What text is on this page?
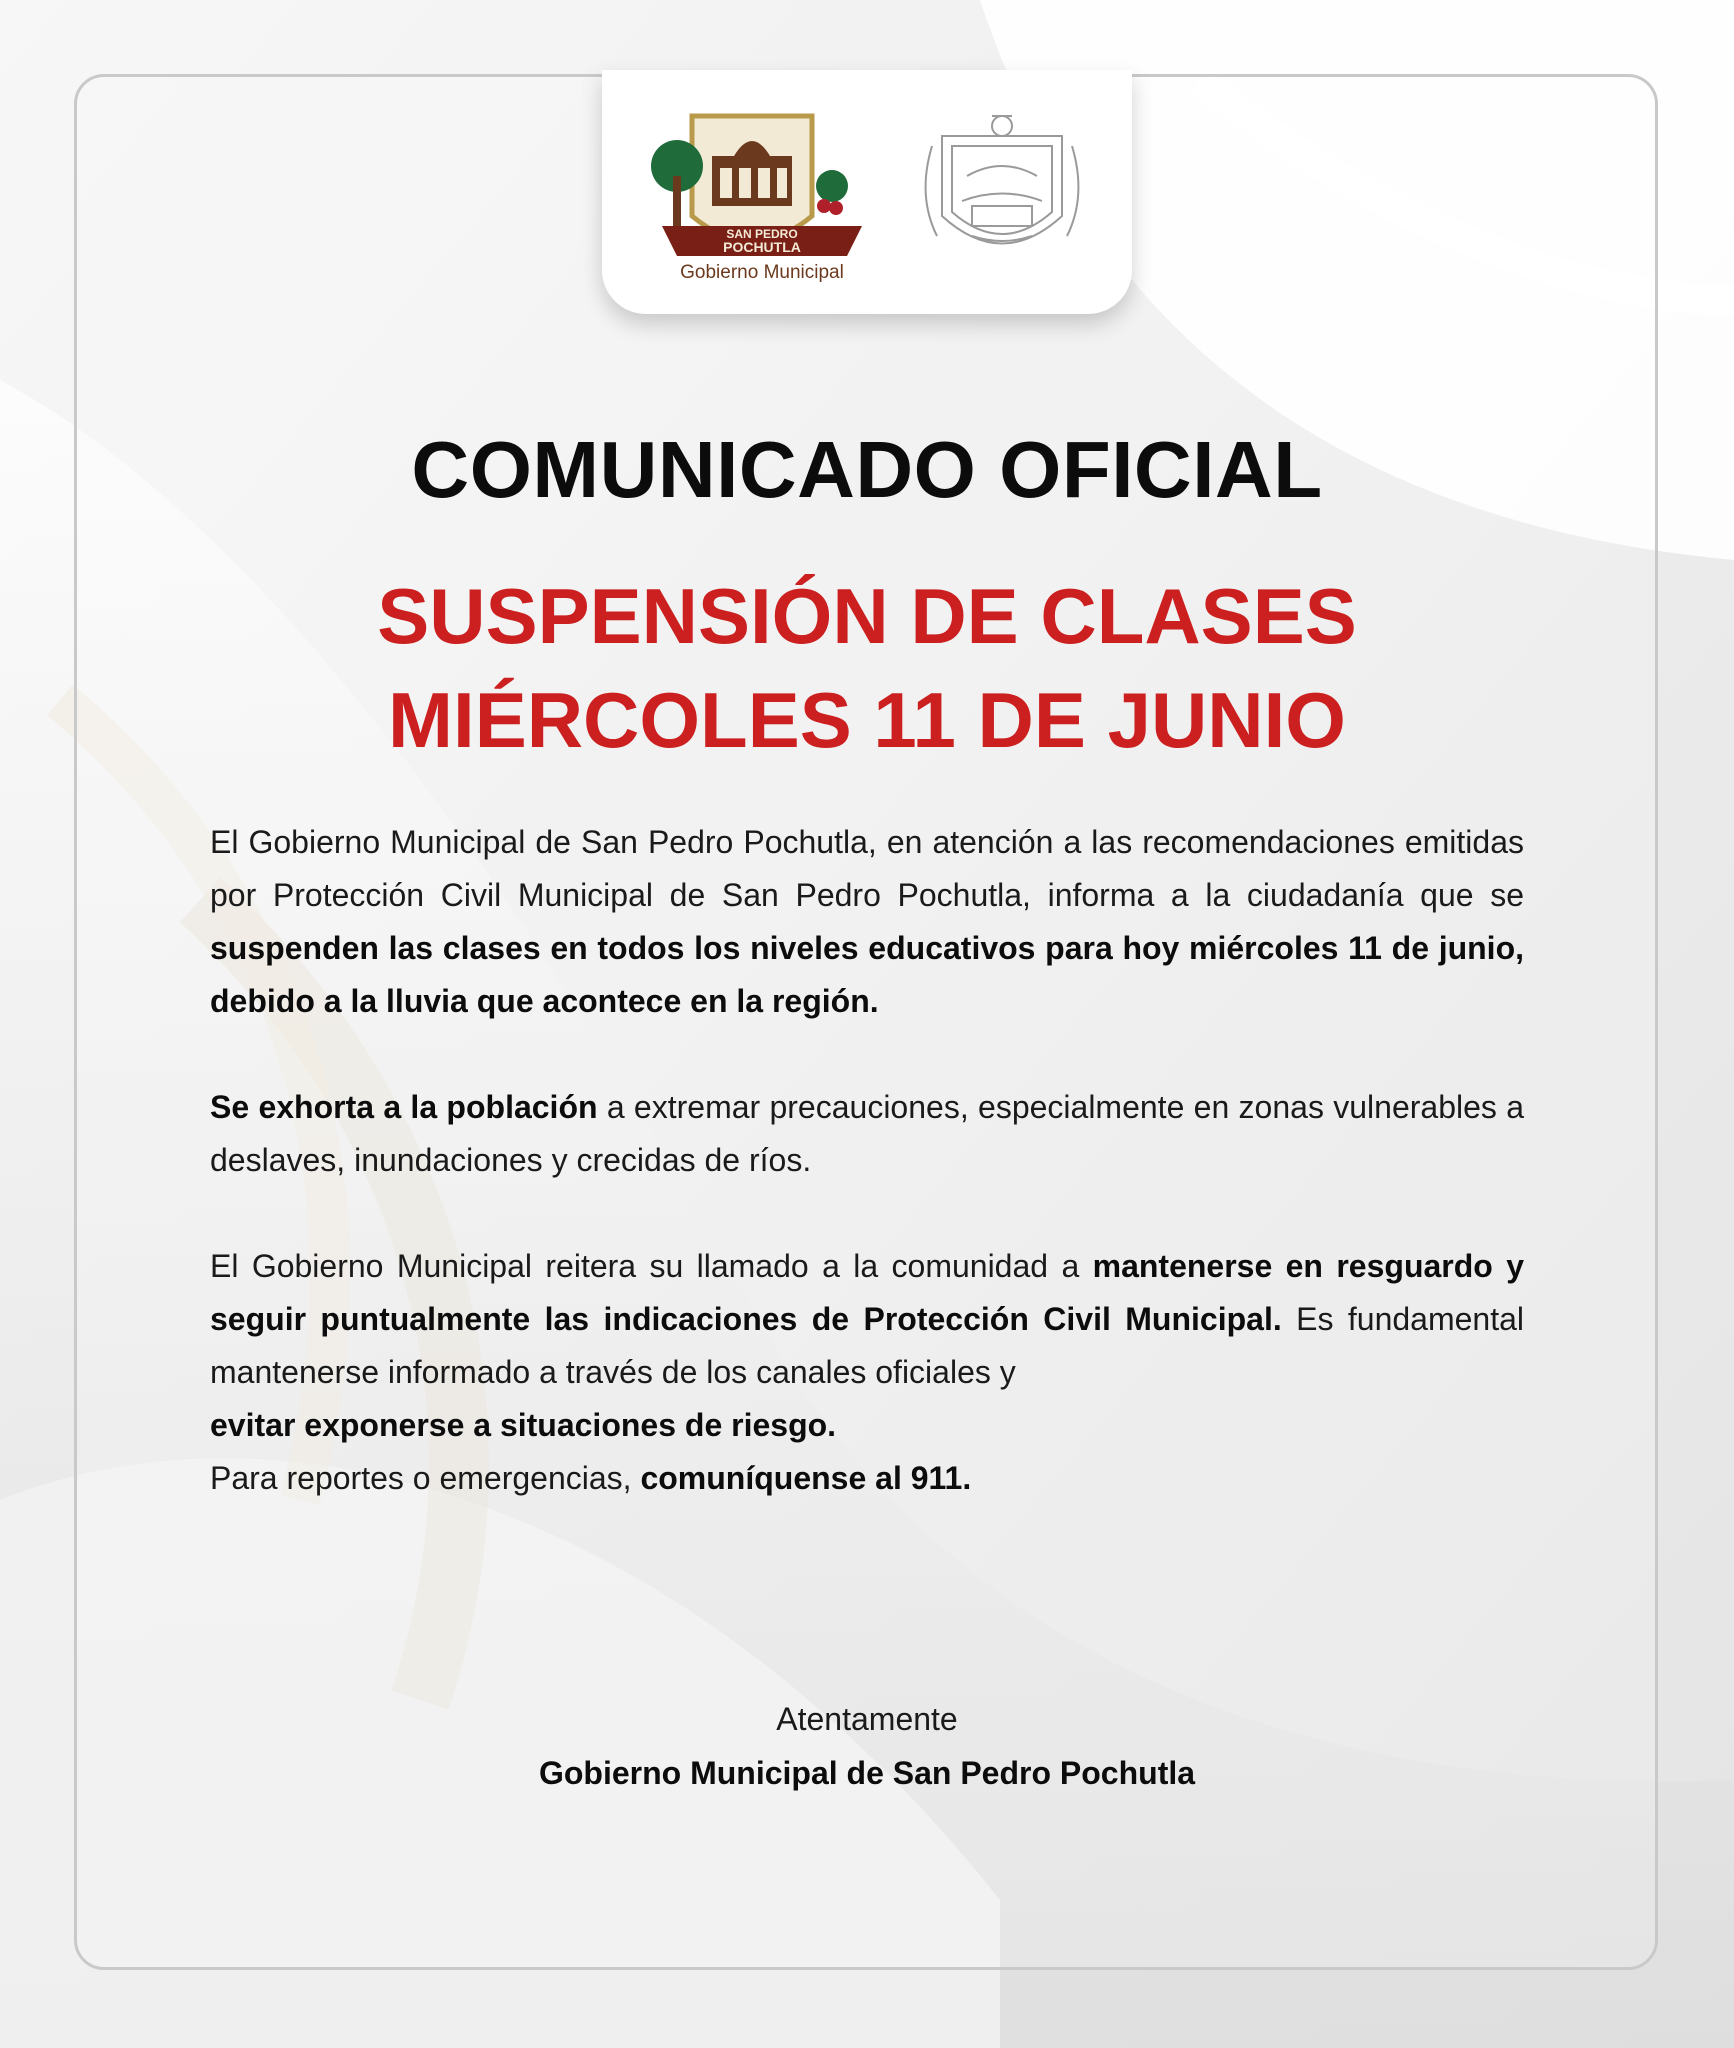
SAN PEDRO
POCHUTLA
Gobierno Municipal
COMUNICADO OFICIAL
SUSPENSIÓN DE CLASES
MIÉRCOLES 11 DE JUNIO

El Gobierno Municipal de San Pedro Pochutla, en atención a las recomendaciones emitidas por Protección Civil Municipal de San Pedro Pochutla, informa a la ciudadanía que se suspenden las clases en todos los niveles educativos para hoy miércoles 11 de junio, debido a la lluvia que acontece en la región.

Se exhorta a la población a extremar precauciones, especialmente en zonas vulnerables a deslaves, inundaciones y crecidas de ríos.

El Gobierno Municipal reitera su llamado a la comunidad a mantenerse en resguardo y seguir puntualmente las indicaciones de Protección Civil Municipal. Es fundamental mantenerse informado a través de los canales oficiales y
evitar exponerse a situaciones de riesgo.

Para reportes o emergencias, comuníquense al 911.

Atentamente
Gobierno Municipal de San Pedro Pochutla
